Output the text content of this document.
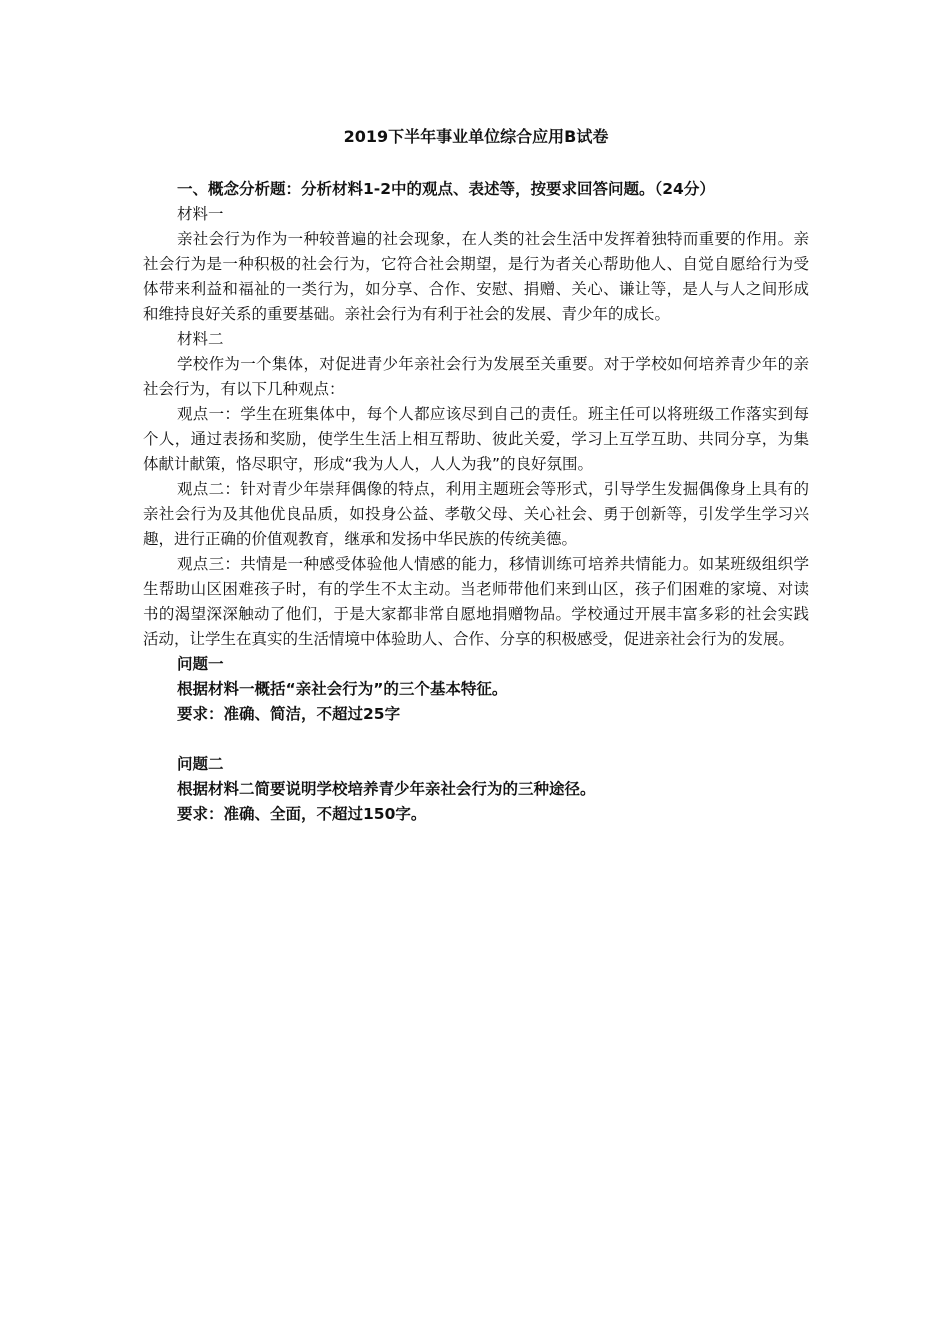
2019下半年事业单位综合应用B试卷

一、概念分析题：分析材料1-2中的观点、表述等，按要求回答问题。（24分）

材料一

亲社会行为作为一种较普遍的社会现象，在人类的社会生活中发挥着独特而重要的作用。亲社会行为是一种积极的社会行为，它符合社会期望，是行为者关心帮助他人、自觉自愿给行为受体带来利益和福祉的一类行为，如分享、合作、安慰、捐赠、关心、谦让等，是人与人之间形成和维持良好关系的重要基础。亲社会行为有利于社会的发展、青少年的成长。

材料二

学校作为一个集体，对促进青少年亲社会行为发展至关重要。对于学校如何培养青少年的亲社会行为，有以下几种观点：

观点一：学生在班集体中，每个人都应该尽到自己的责任。班主任可以将班级工作落实到每个人，通过表扬和奖励，使学生生活上相互帮助、彼此关爱，学习上互学互助、共同分享，为集体献计献策，恪尽职守，形成“我为人人，人人为我”的良好氛围。

观点二：针对青少年崇拜偶像的特点，利用主题班会等形式，引导学生发掘偶像身上具有的亲社会行为及其他优良品质，如投身公益、孝敬父母、关心社会、勇于创新等，引发学生学习兴趣，进行正确的价值观教育，继承和发扬中华民族的传统美德。

观点三：共情是一种感受体验他人情感的能力，移情训练可培养共情能力。如某班级组织学生帮助山区困难孩子时，有的学生不太主动。当老师带他们来到山区，孩子们困难的家境、对读书的渴望深深触动了他们，于是大家都非常自愿地捐赠物品。学校通过开展丰富多彩的社会实践活动，让学生在真实的生活情境中体验助人、合作、分享的积极感受，促进亲社会行为的发展。

问题一

根据材料一概括“亲社会行为”的三个基本特征。

要求：准确、简洁，不超过25字

问题二

根据材料二简要说明学校培养青少年亲社会行为的三种途径。

要求：准确、全面，不超过150字。
